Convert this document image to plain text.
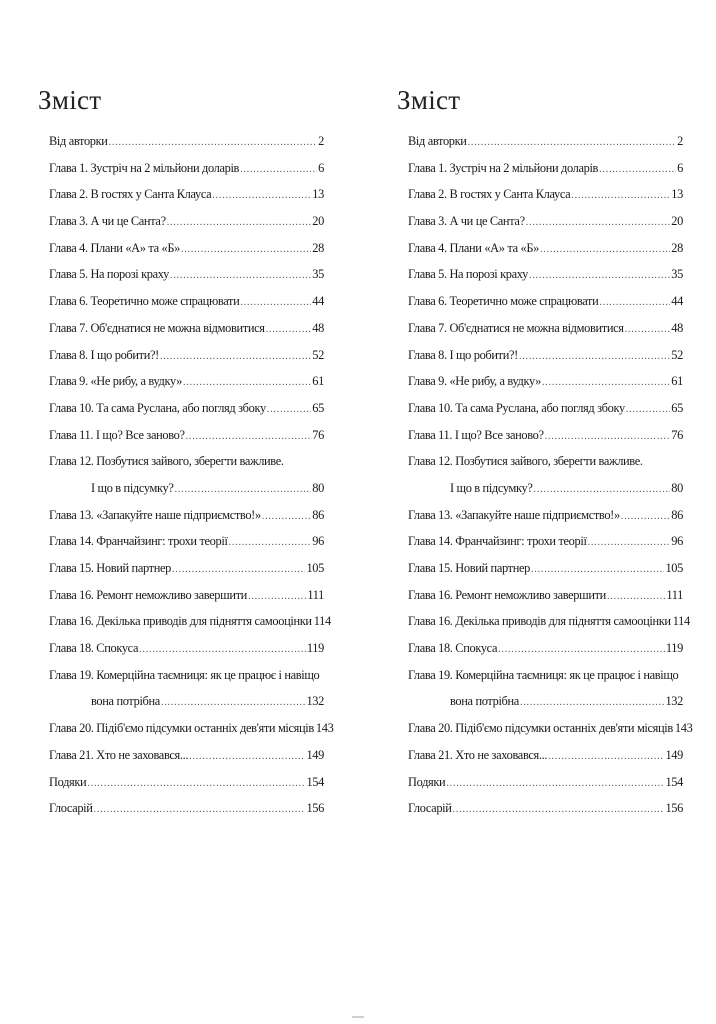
Зміст
Від авторки .....	2
Глава 1. Зустріч на 2 мільйони доларів .....	6
Глава 2. В гостях у Санта Клауса .....	13
Глава 3. А чи це Санта? .....	20
Глава 4. Плани «А» та «Б» .....	28
Глава 5. На порозі краху .....	35
Глава 6. Теоретично може спрацювати .....	44
Глава 7. Об'єднатися не можна відмовитися .....	48
Глава 8. І що робити?! .....	52
Глава 9. «Не рибу, а вудку» .....	61
Глава 10. Та сама Руслана, або погляд збоку .....	65
Глава 11. І що? Все заново? .....	76
Глава 12. Позбутися зайвого, зберегти важливе.
І що в підсумку? .....	80
Глава 13. «Запакуйте наше підприємство!» .....	86
Глава 14. Франчайзинг: трохи теорії .....	96
Глава 15. Новий партнер .....	105
Глава 16. Ремонт неможливо завершити .....	111
Глава 16. Декілька приводів для підняття самооцінки 114
Глава 18. Спокуса .....	119
Глава 19. Комерційна таємниця: як це працює і навіщо
вона потрібна .....	132
Глава 20. Підіб'ємо підсумки останніх дев'яти місяців 143
Глава 21. Хто не заховався... .....	149
Подяки .....	154
Глосарій .....	156
Зміст
Від авторки .....	2
Глава 1. Зустріч на 2 мільйони доларів .....	6
Глава 2. В гостях у Санта Клауса .....	13
Глава 3. А чи це Санта? .....	20
Глава 4. Плани «А» та «Б» .....	28
Глава 5. На порозі краху .....	35
Глава 6. Теоретично може спрацювати .....	44
Глава 7. Об'єднатися не можна відмовитися .....	48
Глава 8. І що робити?! .....	52
Глава 9. «Не рибу, а вудку» .....	61
Глава 10. Та сама Руслана, або погляд збоку .....	65
Глава 11. І що? Все заново? .....	76
Глава 12. Позбутися зайвого, зберегти важливе.
І що в підсумку? .....	80
Глава 13. «Запакуйте наше підприємство!» .....	86
Глава 14. Франчайзинг: трохи теорії .....	96
Глава 15. Новий партнер .....	105
Глава 16. Ремонт неможливо завершити .....	111
Глава 16. Декілька приводів для підняття самооцінки 114
Глава 18. Спокуса .....	119
Глава 19. Комерційна таємниця: як це працює і навіщо
вона потрібна .....	132
Глава 20. Підіб'ємо підсумки останніх дев'яти місяців 143
Глава 21. Хто не заховався... .....	149
Подяки .....	154
Глосарій .....	156
